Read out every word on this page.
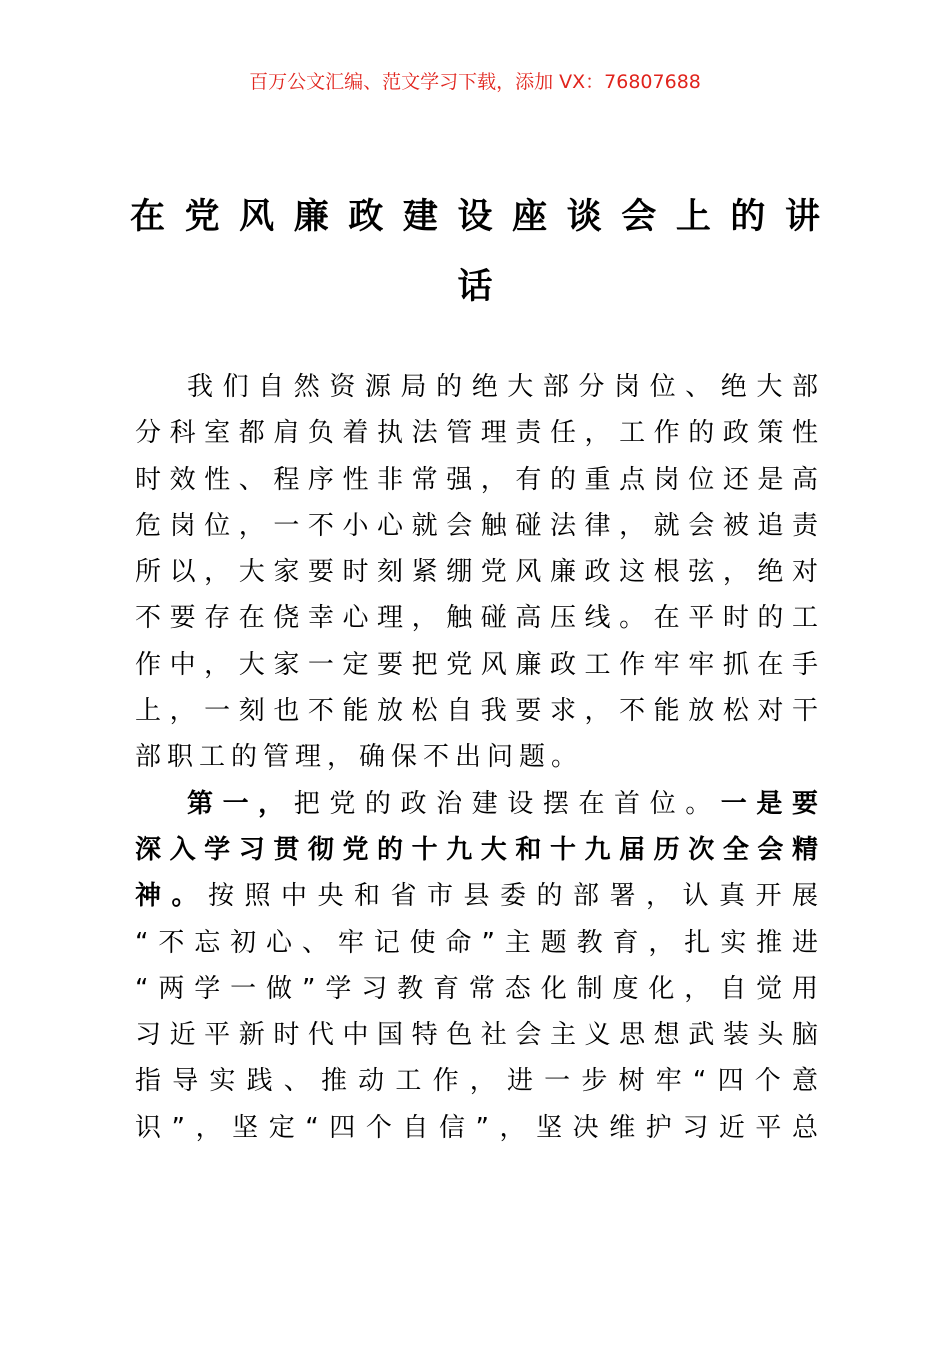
百万公文汇编、范文学习下载，添加 VX：76807688
在党风廉政建设座谈会上的讲
话
我们自然资源局的绝大部分岗位、绝大部
分科室都肩负着执法管理责任，工作的政策性
时效性、程序性非常强，有的重点岗位还是高
危岗位，一不小心就会触碰法律，就会被追责
所以，大家要时刻紧绷党风廉政这根弦，绝对
不要存在侥幸心理，触碰高压线。在平时的工
作中，大家一定要把党风廉政工作牢牢抓在手
上，一刻也不能放松自我要求，不能放松对干
部职工的管理，确保不出问题。
第一，把党的政治建设摆在首位。一是要
深入学习贯彻党的十九大和十九届历次全会精
神。按照中央和省市县委的部署，认真开展
“不忘初心、牢记使命”主题教育，扎实推进
“两学一做”学习教育常态化制度化，自觉用
习近平新时代中国特色社会主义思想武装头脑
指导实践、推动工作，进一步树牢“四个意
识”，坚定“四个自信”，坚决维护习近平总
